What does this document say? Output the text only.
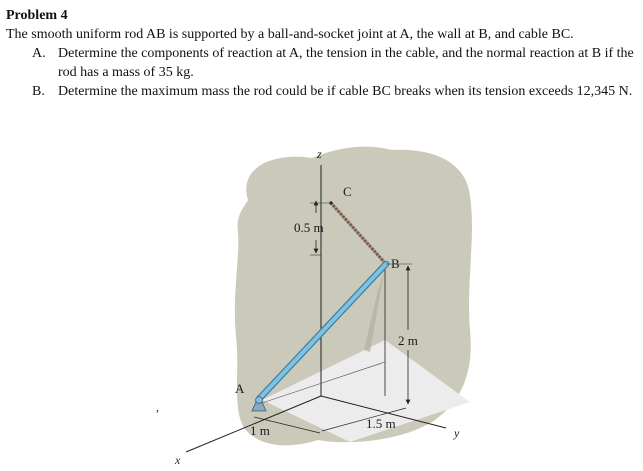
Problem 4

The smooth uniform rod AB is supported by a ball-and-socket joint at A, the wall at B, and cable BC.

A. Determine the components of reaction at A, the tension in the cable, and the normal reaction at B if the rod has a mass of 35 kg.
B. Determine the maximum mass the rod could be if cable BC breaks when its tension exceeds 12,345 N.
z
y
x
A
B
C
0.5 m
2 m
1.5 m
1 m
,
